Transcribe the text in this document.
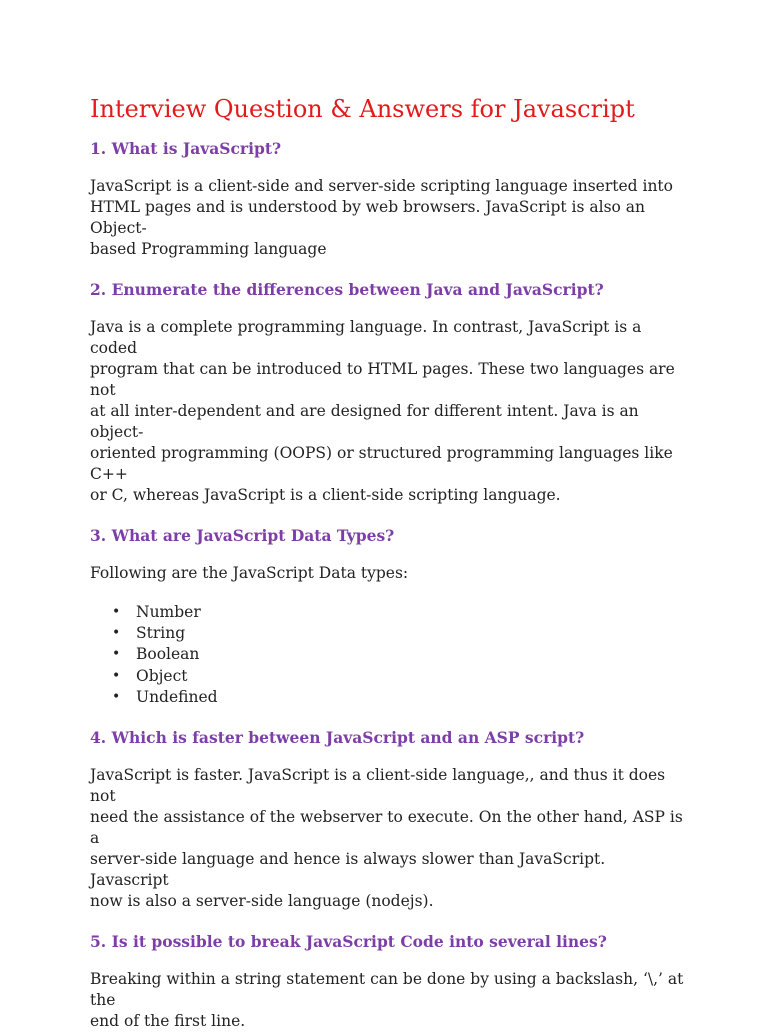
Interview Question & Answers for Javascript
1. What is JavaScript?

JavaScript is a client-side and server-side scripting language inserted into

HTML pages and is understood by web browsers. JavaScript is also an Object-

based Programming language

2. Enumerate the differences between Java and JavaScript?

Java is a complete programming language. In contrast, JavaScript is a coded

program that can be introduced to HTML pages. These two languages are not

at all inter-dependent and are designed for different intent. Java is an object-

oriented programming (OOPS) or structured programming languages like C++

or C, whereas JavaScript is a client-side scripting language.

3. What are JavaScript Data Types?

Following are the JavaScript Data types:

• Number
• String
• Boolean
• Object
• Undefined
4. Which is faster between JavaScript and an ASP script?

JavaScript is faster. JavaScript is a client-side language,, and thus it does not

need the assistance of the webserver to execute. On the other hand, ASP is a

server-side language and hence is always slower than JavaScript. Javascript

now is also a server-side language (nodejs).

5. Is it possible to break JavaScript Code into several lines?

Breaking within a string statement can be done by using a backslash, ‘\,’ at the

end of the first line.
